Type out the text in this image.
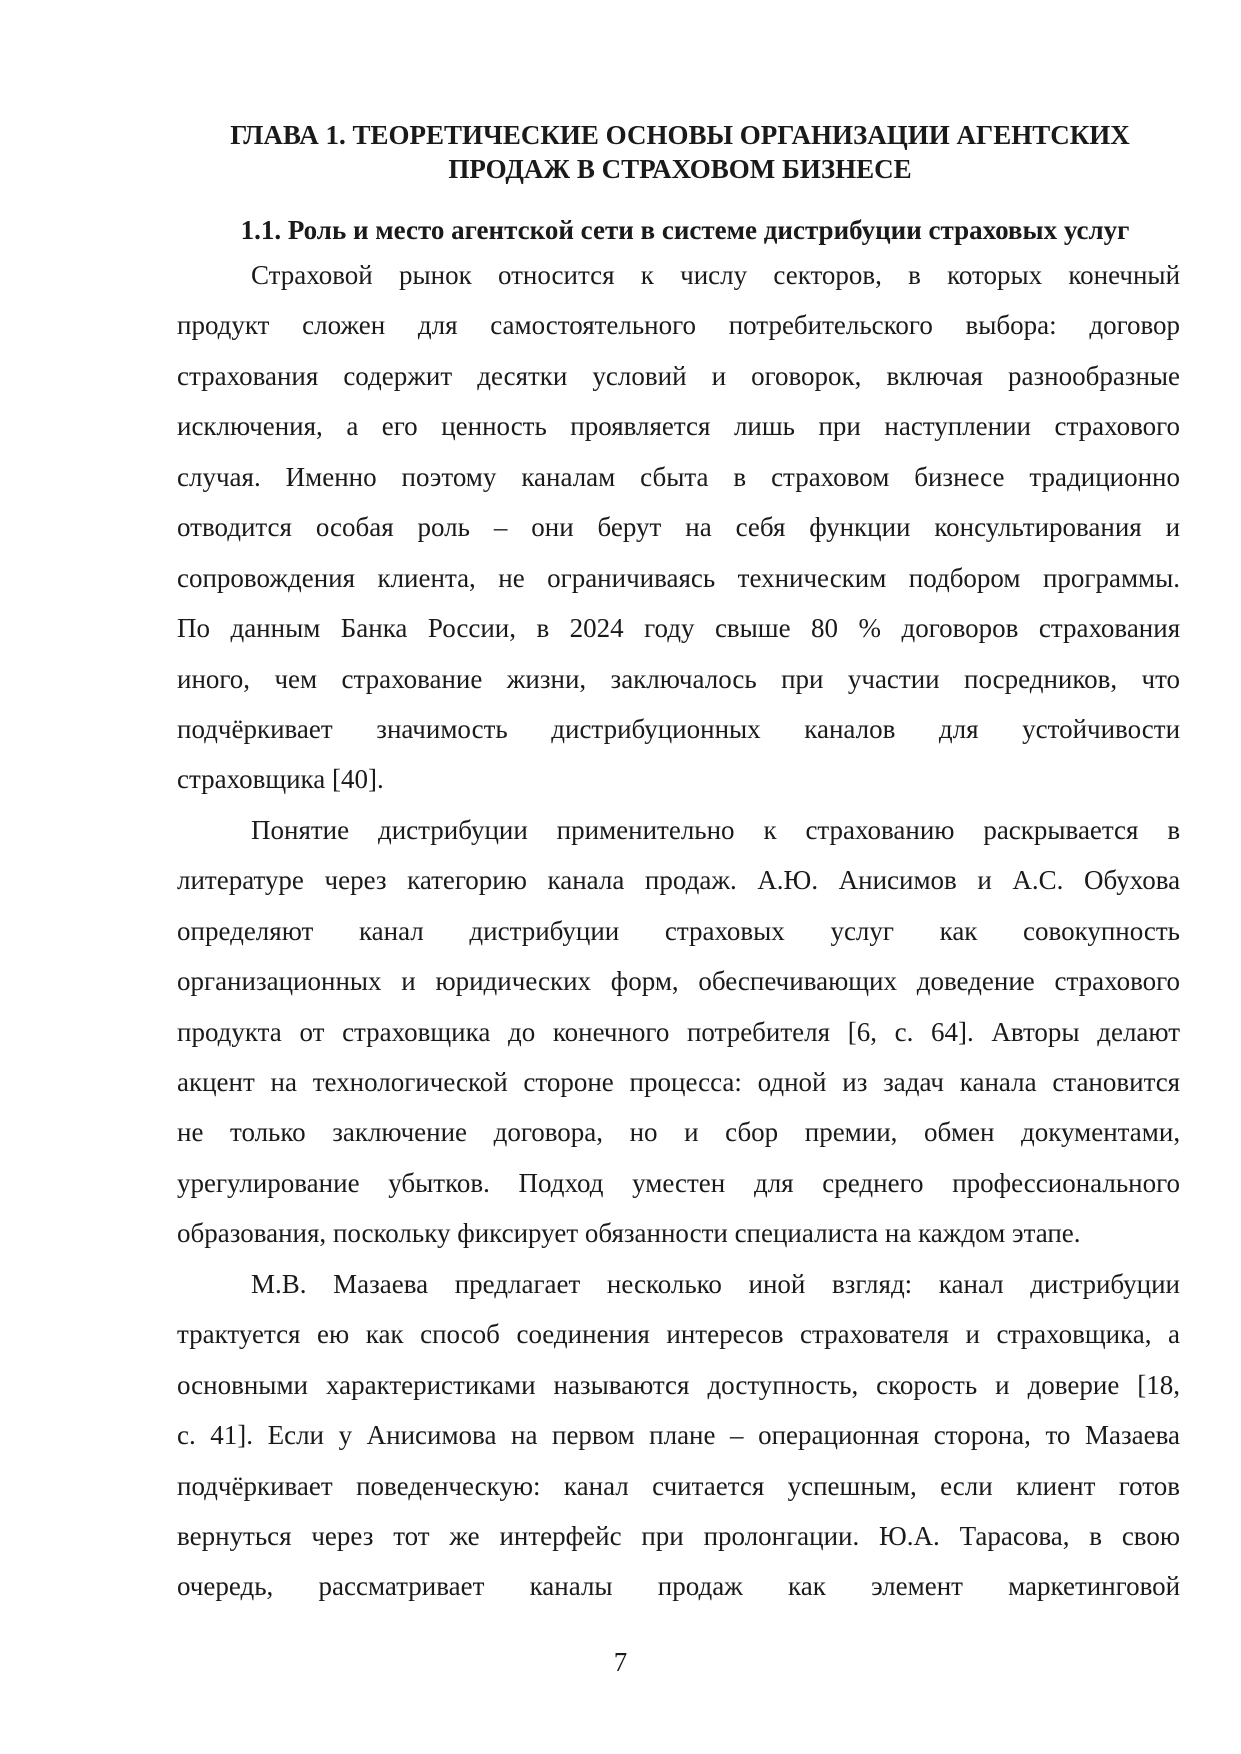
ГЛАВА 1. ТЕОРЕТИЧЕСКИЕ ОСНОВЫ ОРГАНИЗАЦИИ АГЕНТСКИХ
ПРОДАЖ В СТРАХОВОМ БИЗНЕСЕ
1.1. Роль и место агентской сети в системе дистрибуции страховых услуг
Страховой рынок относится к числу секторов, в которых конечный
продукт сложен для самостоятельного потребительского выбора: договор
страхования содержит десятки условий и оговорок, включая разнообразные
исключения, а его ценность проявляется лишь при наступлении страхового
случая. Именно поэтому каналам сбыта в страховом бизнесе традиционно
отводится особая роль – они берут на себя функции консультирования и
сопровождения клиента, не ограничиваясь техническим подбором программы.
По данным Банка России, в 2024 году свыше 80 % договоров страхования
иного, чем страхование жизни, заключалось при участии посредников, что
подчёркивает значимость дистрибуционных каналов для устойчивости
страховщика [40].
Понятие дистрибуции применительно к страхованию раскрывается в
литературе через категорию канала продаж. А.Ю. Анисимов и А.С. Обухова
определяют канал дистрибуции страховых услуг как совокупность
организационных и юридических форм, обеспечивающих доведение страхового
продукта от страховщика до конечного потребителя [6, с. 64]. Авторы делают
акцент на технологической стороне процесса: одной из задач канала становится
не только заключение договора, но и сбор премии, обмен документами,
урегулирование убытков. Подход уместен для среднего профессионального
образования, поскольку фиксирует обязанности специалиста на каждом этапе.
М.В. Мазаева предлагает несколько иной взгляд: канал дистрибуции
трактуется ею как способ соединения интересов страхователя и страховщика, а
основными характеристиками называются доступность, скорость и доверие [18,
с. 41]. Если у Анисимова на первом плане – операционная сторона, то Мазаева
подчёркивает поведенческую: канал считается успешным, если клиент готов
вернуться через тот же интерфейс при пролонгации. Ю.А. Тарасова, в свою
очередь, рассматривает каналы продаж как элемент маркетинговой
7
